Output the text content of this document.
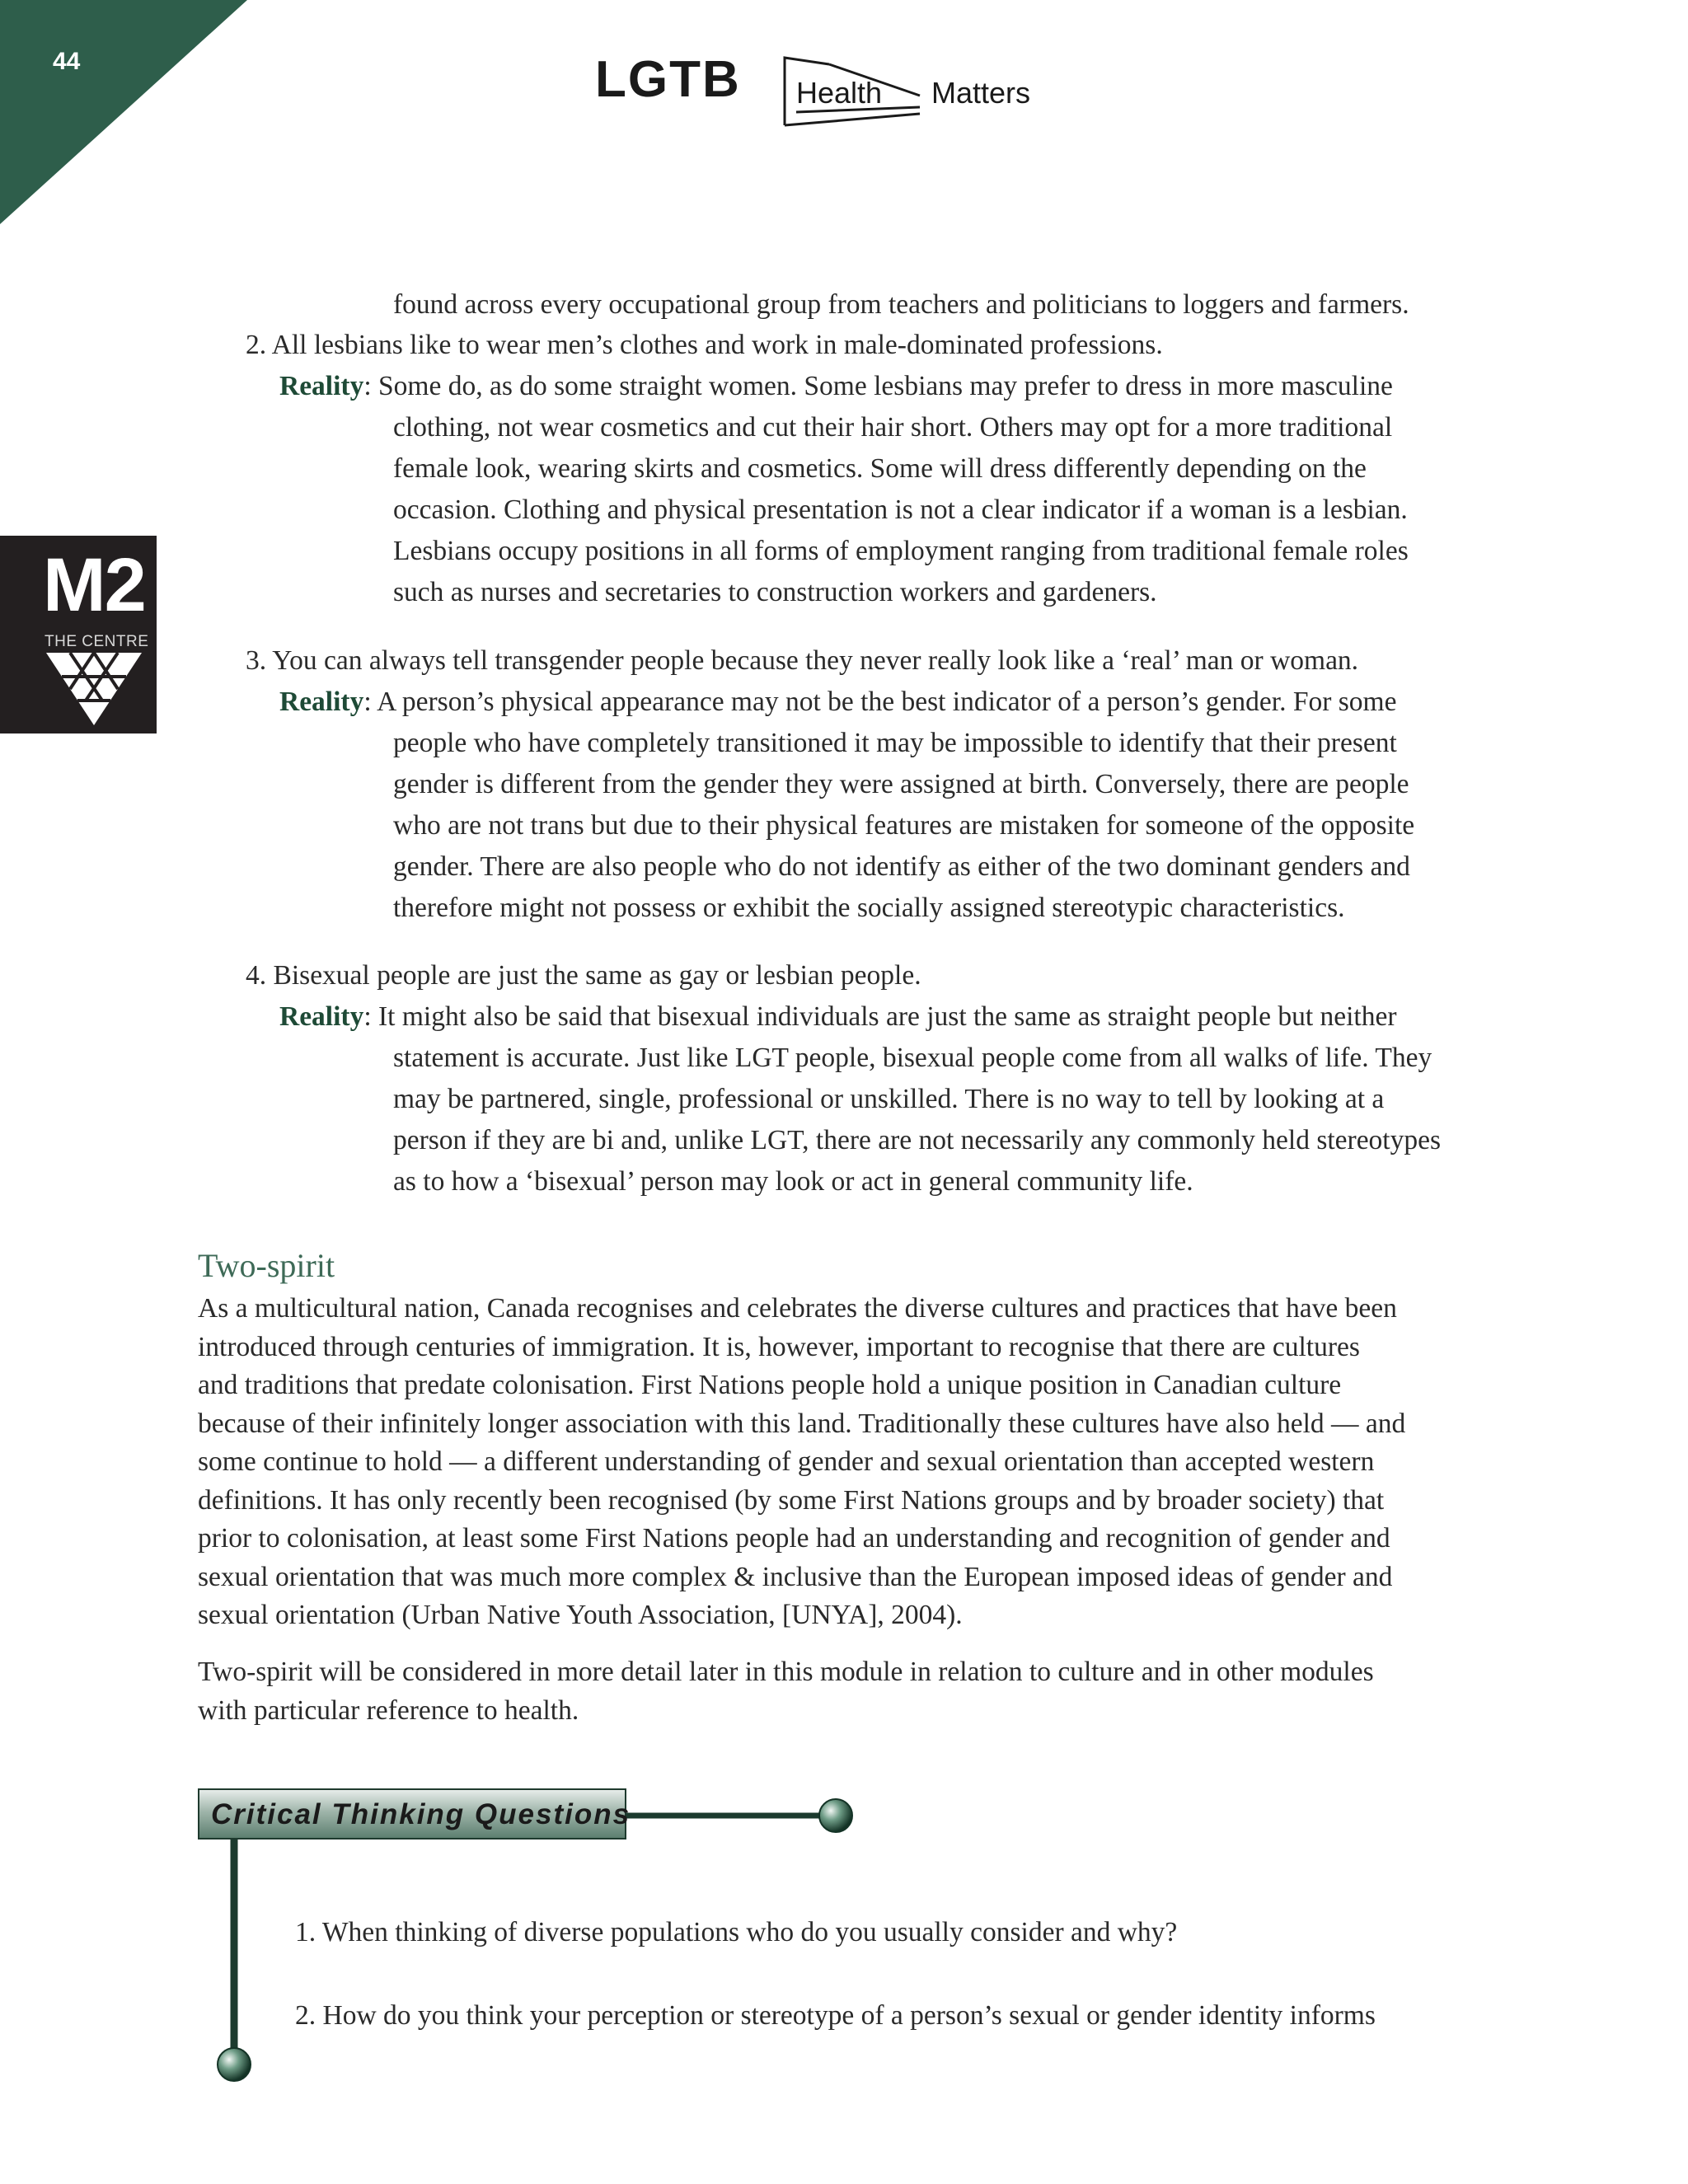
44	LGTB Health Matters
M2
THE CENTRE

found across every occupational group from teachers and politicians to loggers and farmers.

2. All lesbians like to wear men’s clothes and work in male-dominated professions.

Reality: Some do, as do some straight women. Some lesbians may prefer to dress in more masculine

clothing, not wear cosmetics and cut their hair short. Others may opt for a more traditional

female look, wearing skirts and cosmetics. Some will dress differently depending on the

occasion. Clothing and physical presentation is not a clear indicator if a woman is a lesbian.

Lesbians occupy positions in all forms of employment ranging from traditional female roles

such as nurses and secretaries to construction workers and gardeners.

3. You can always tell transgender people because they never really look like a ‘real’ man or woman.

Reality: A person’s physical appearance may not be the best indicator of a person’s gender. For some

people who have completely transitioned it may be impossible to identify that their present

gender is different from the gender they were assigned at birth. Conversely, there are people

who are not trans but due to their physical features are mistaken for someone of the opposite

gender. There are also people who do not identify as either of the two dominant genders and

therefore might not possess or exhibit the socially assigned stereotypic characteristics.

4. Bisexual people are just the same as gay or lesbian people.

Reality: It might also be said that bisexual individuals are just the same as straight people but neither

statement is accurate. Just like LGT people, bisexual people come from all walks of life. They

may be partnered, single, professional or unskilled. There is no way to tell by looking at a

person if they are bi and, unlike LGT, there are not necessarily any commonly held stereotypes

as to how a ‘bisexual’ person may look or act in general community life.

Two-spirit

As a multicultural nation, Canada recognises and celebrates the diverse cultures and practices that have been

introduced through centuries of immigration. It is, however, important to recognise that there are cultures

and traditions that predate colonisation. First Nations people hold a unique position in Canadian culture

because of their infinitely longer association with this land. Traditionally these cultures have also held — and

some continue to hold — a different understanding of gender and sexual orientation than accepted western

definitions. It has only recently been recognised (by some First Nations groups and by broader society) that

prior to colonisation, at least some First Nations people had an understanding and recognition of gender and

sexual orientation that was much more complex & inclusive than the European imposed ideas of gender and

sexual orientation (Urban Native Youth Association, [UNYA], 2004).

Two-spirit will be considered in more detail later in this module in relation to culture and in other modules

with particular reference to health.

Critical Thinking Questions

1. When thinking of diverse populations who do you usually consider and why?

2. How do you think your perception or stereotype of a person’s sexual or gender identity informs
